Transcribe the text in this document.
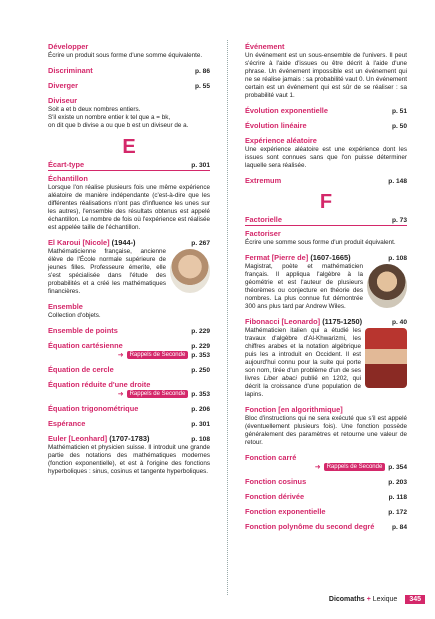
Développer
Écrire un produit sous forme d'une somme équivalente.
Discriminant	p. 86
Diverger	p. 55
Diviseur
Soit a et b deux nombres entiers.
S'il existe un nombre entier k tel que a = bk,
on dit que b divise a ou que b est un diviseur de a.
E
Écart-type	p. 301
Échantillon
Lorsque l'on réalise plusieurs fois une même expérience aléatoire de manière indépendante (c'est-à-dire que les différentes réalisations n'ont pas d'influence les unes sur les autres), l'ensemble des résultats obtenus est appelé échantillon. Le nombre de fois où l'expérience est réalisée est appelée taille de l'échantillon.
El Karoui [Nicole] (1944-)	p. 267
Mathématicienne française, ancienne élève de l'École normale supérieure de jeunes filles. Professeure émerite, elle s'est spécialisée dans l'étude des probabilités et a créé les mathématiques financières.
Ensemble
Collection d'objets.
Ensemble de points	p. 229
Équation cartésienne	p. 229
➜	Rappels de Seconde p. 353
Équation de cercle	p. 250
Équation réduite d'une droite
➜	Rappels de Seconde p. 353
Équation trigonométrique	p. 206
Espérance	p. 301
Euler [Leonhard] (1707-1783)	p. 108
Mathématicien et physicien suisse. Il introduit une grande partie des notations des mathématiques modernes (fonction exponentielle), et est à l'origine des fonctions hyperboliques : sinus, cosinus et tangente hyperboliques.
Événement
Un événement est un sous-ensemble de l'univers. Il peut s'écrire à l'aide d'issues ou être décrit à l'aide d'une phrase. Un événement impossible est un événement qui ne se réalise jamais : sa probabilité vaut 0. Un événement certain est un événement qui est sûr de se réaliser : sa probabilité vaut 1.
Évolution exponentielle	p. 51
Évolution linéaire	p. 50
Expérience aléatoire
Une expérience aléatoire est une expérience dont les issues sont connues sans que l'on puisse déterminer laquelle sera réalisée.
Extremum	p. 148
F
Factorielle	p. 73
Factoriser
Écrire une somme sous forme d'un produit équivalent.
Fermat [Pierre de] (1607-1665)	p. 108
Magistrat, poète et mathématicien français. Il appliqua l'algèbre à la géométrie et est l'auteur de plusieurs théorèmes ou conjecture en théorie des nombres. La plus connue fut démontrée 300 ans plus tard par Andrew Wiles.
Fibonacci [Leonardo] (1175-1250)	p. 40
Mathématicien italien qui a étudié les travaux d'algèbre d'Al-Khwarizmi, les chiffres arabes et la notation algébrique puis les a introduit en Occident. Il est aujourd'hui connu pour la suite qui porte son nom, tirée d'un problème d'un de ses livres Liber abaci publié en 1202, qui décrit la croissance d'une population de lapins.
Fonction [en algorithmique]
Bloc d'instructions qui ne sera exécuté que s'il est appelé (éventuellement plusieurs fois). Une fonction possède généralement des paramètres et retourne une valeur de retour.
Fonction carré
➜	Rappels de Seconde p. 354
Fonction cosinus	p. 203
Fonction dérivée	p. 118
Fonction exponentielle	p. 172
Fonction polynôme du second degré	p. 84
Dicomaths + Lexique 345
